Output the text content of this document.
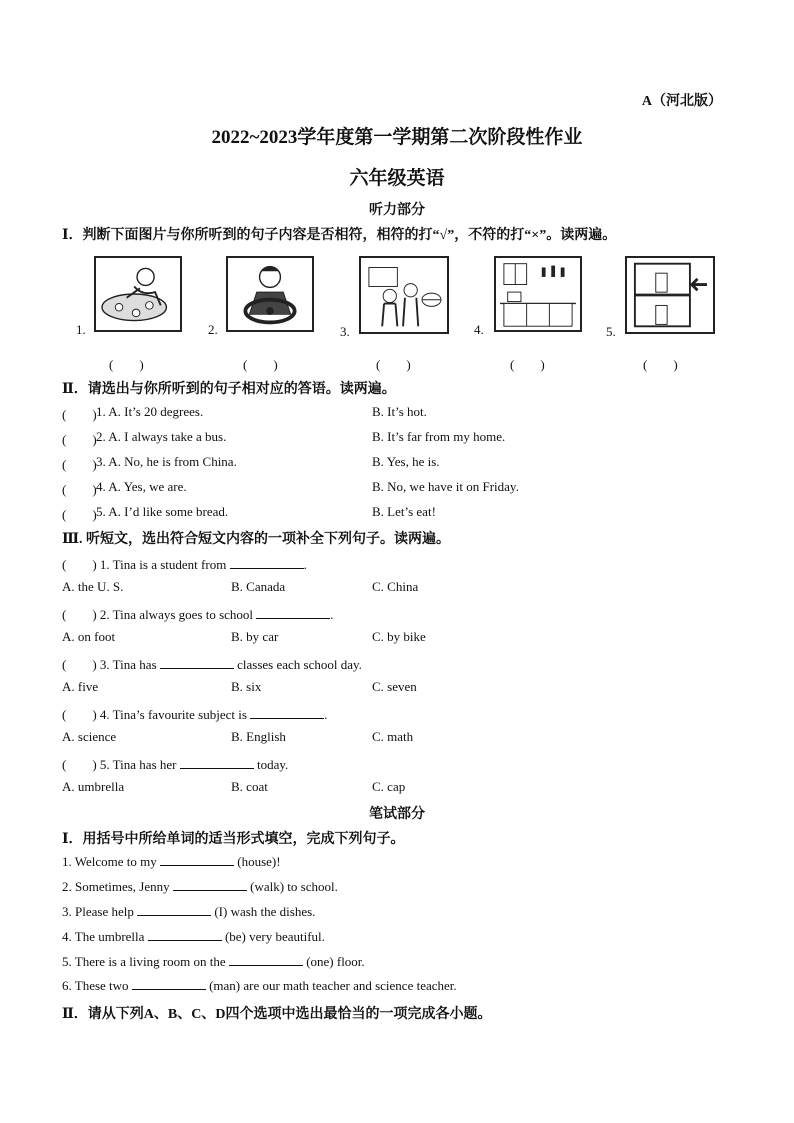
A（河北版）
2022~2023学年度第一学期第二次阶段性作业
六年级英语
听力部分
Ⅰ．判断下面图片与你所听到的句子内容是否相符，相符的打“√”，不符的打“×”。读两遍。
1.
(　　)
2.
(　　)
3.
(　　)
4.
(　　)
5.
(　　)
Ⅱ．请选出与你所听到的句子相对应的答语。读两遍。
(　　) 1. A. It’s 20 degrees.	B. It’s hot.
(　　) 2. A. I always take a bus.	B. It’s far from my home.
(　　) 3. A. No, he is from China.	B. Yes, he is.
(　　) 4. A. Yes, we are.	B. No, we have it on Friday.
(　　) 5. A. I’d like some bread.	B. Let’s eat!
Ⅲ. 听短文，选出符合短文内容的一项补全下列句子。读两遍。
(　　) 1. Tina is a student from	.
A. the U. S.	B. Canada	C. China
(　　) 2. Tina always goes to school	.
A. on foot	B. by car	C. by bike
(　　) 3. Tina has	classes each school day.
A. five	B. six	C. seven
(　　) 4. Tina’s favourite subject is	.
A. science	B. English	C. math
(　　) 5. Tina has her	today.
A. umbrella	B. coat	C. cap
笔试部分
Ⅰ．用括号中所给单词的适当形式填空，完成下列句子。
1. Welcome to my	(house)!
2. Sometimes, Jenny	(walk) to school.
3. Please help	(I) wash the dishes.
4. The umbrella	(be) very beautiful.
5. There is a living room on the	(one) floor.
6. These two	(man) are our math teacher and science teacher.
Ⅱ．请从下列A、B、C、D四个选项中选出最恰当的一项完成各小题。
